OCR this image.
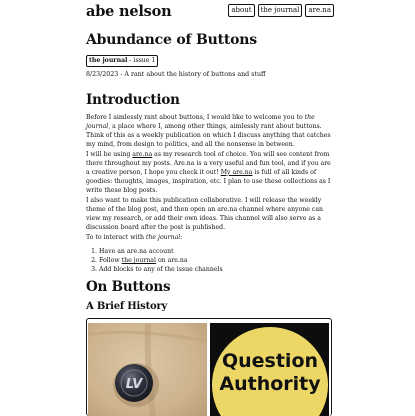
abe nelson	about	the journal	are.na
Abundance of Buttons
the journal - issue 1
8/23/2023 - A rant about the history of buttons and stuff
Introduction

Before I aimlessly rant about buttons, I would like to welcome you to the journal, a place where I, among other things, aimlessly rant about buttons. Think of this as a weekly publication on which I discuss anything that catches my mind, from design to politics, and all the nonsense in between.

I will be using are.na as my research tool of choice. You will see content from there throughout my posts. Are.na is a very useful and fun tool, and if you are a creative person, I hope you check it out! My are.na is full of all kinds of goodies: thoughts, images, inspiration, etc. I plan to use these collections as I write these blog posts.

I also want to make this publication collaborative. I will release the weekly theme of the blog post, and then open an are.na channel where anyone can view my research, or add their own ideas. This channel will also serve as a discussion board after the post is published.

To to interact with the journal:

1. Have an are.na account
2. Follow the journal on are.na
3. Add blocks to any of the issue channels
On Buttons
A Brief History
LV
Question
Authority
